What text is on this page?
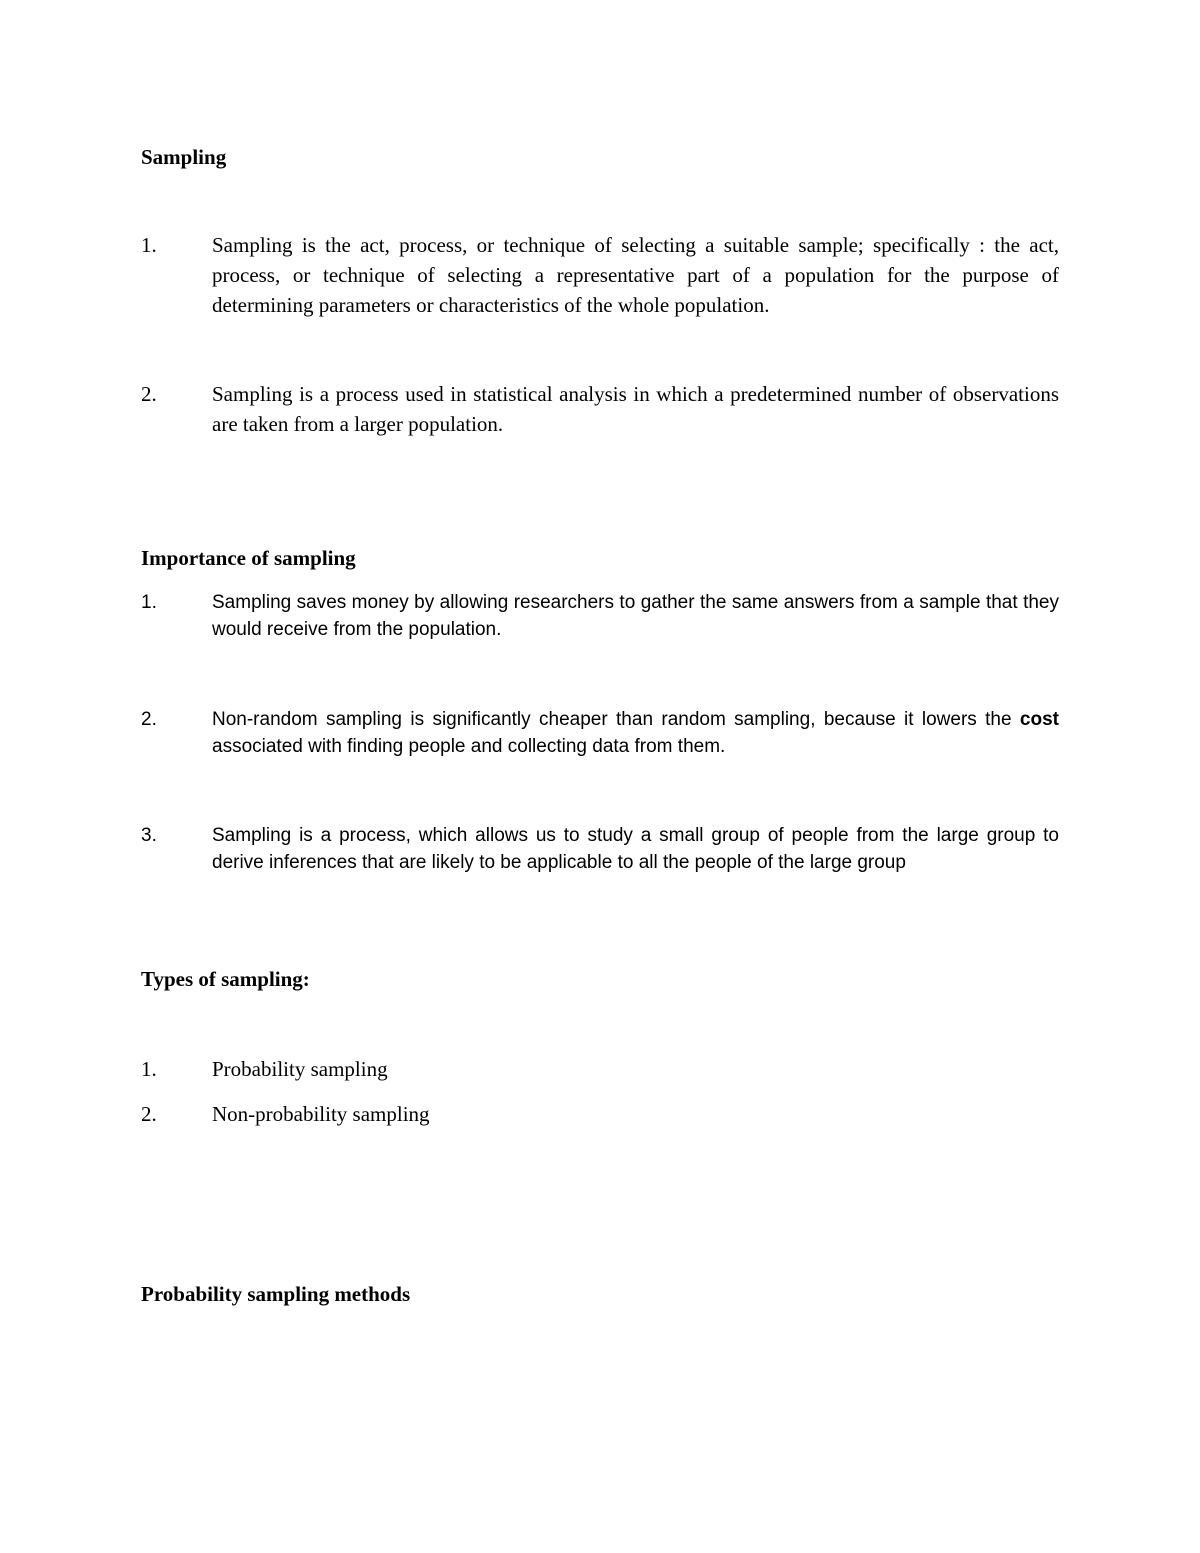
Sampling
1.	Sampling is the act, process, or technique of selecting a suitable sample; specifically : the act, process, or technique of selecting a representative part of a population for the purpose of determining parameters or characteristics of the whole population.
2.	Sampling is a process used in statistical analysis in which a predetermined number of observations are taken from a larger population.
Importance of sampling
1.	Sampling saves money by allowing researchers to gather the same answers from a sample that they would receive from the population.
2.	Non-random sampling is significantly cheaper than random sampling, because it lowers the cost associated with finding people and collecting data from them.
3.	Sampling is a process, which allows us to study a small group of people from the large group to derive inferences that are likely to be applicable to all the people of the large group
Types of sampling:
1.	Probability sampling
2.	Non-probability sampling
Probability sampling methods
